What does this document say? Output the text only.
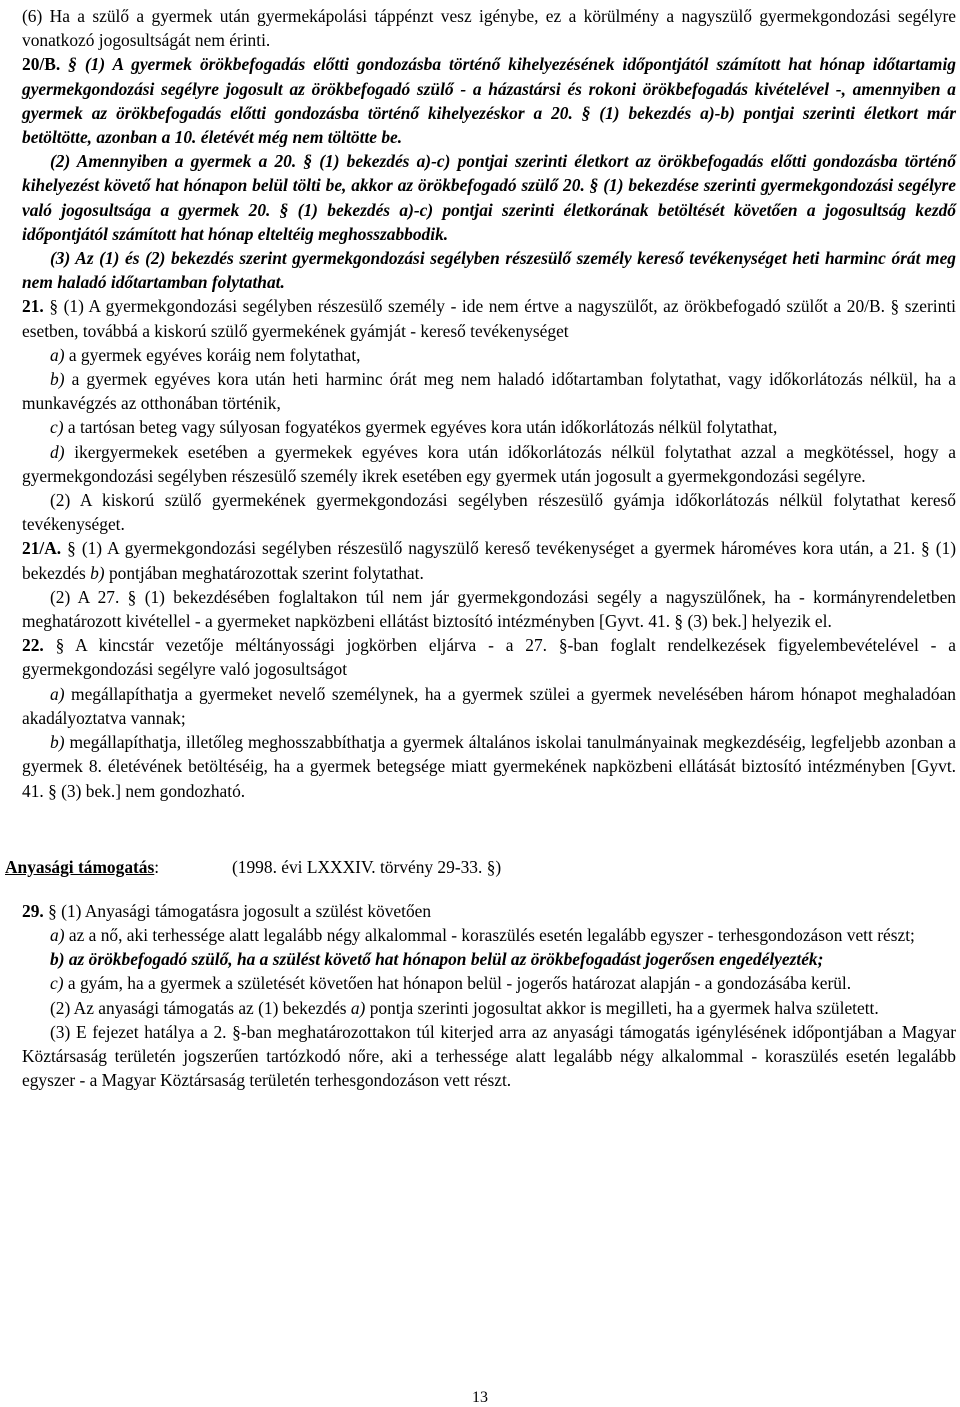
(6) Ha a szülő a gyermek után gyermekápolási táppénzt vesz igénybe, ez a körülmény a nagyszülő gyermekgondozási segélyre vonatkozó jogosultságát nem érinti.

20/B. § (1) A gyermek örökbefogadás előtti gondozásba történő kihelyezésének időpontjától számított hat hónap időtartamig gyermekgondozási segélyre jogosult az örökbefogadó szülő - a házastársi és rokoni örökbefogadás kivételével -, amennyiben a gyermek az örökbefogadás előtti gondozásba történő kihelyezéskor a 20. § (1) bekezdés a)-b) pontjai szerinti életkort már betöltötte, azonban a 10. életévét még nem töltötte be.

(2) Amennyiben a gyermek a 20. § (1) bekezdés a)-c) pontjai szerinti életkort az örökbefogadás előtti gondozásba történő kihelyezést követő hat hónapon belül tölti be, akkor az örökbefogadó szülő 20. § (1) bekezdése szerinti gyermekgondozási segélyre való jogosultsága a gyermek 20. § (1) bekezdés a)-c) pontjai szerinti életkorának betöltését követően a jogosultság kezdő időpontjától számított hat hónap elteltéig meghosszabbodik.

(3) Az (1) és (2) bekezdés szerint gyermekgondozási segélyben részesülő személy kereső tevékenységet heti harminc órát meg nem haladó időtartamban folytathat.

21. § (1) A gyermekgondozási segélyben részesülő személy - ide nem értve a nagyszülőt, az örökbefogadó szülőt a 20/B. § szerinti esetben, továbbá a kiskorú szülő gyermekének gyámját - kereső tevékenységet

a) a gyermek egyéves koráig nem folytathat,

b) a gyermek egyéves kora után heti harminc órát meg nem haladó időtartamban folytathat, vagy időkorlátozás nélkül, ha a munkavégzés az otthonában történik,

c) a tartósan beteg vagy súlyosan fogyatékos gyermek egyéves kora után időkorlátozás nélkül folytathat,

d) ikergyermekek esetében a gyermekek egyéves kora után időkorlátozás nélkül folytathat azzal a megkötéssel, hogy a gyermekgondozási segélyben részesülő személy ikrek esetében egy gyermek után jogosult a gyermekgondozási segélyre.

(2) A kiskorú szülő gyermekének gyermekgondozási segélyben részesülő gyámja időkorlátozás nélkül folytathat kereső tevékenységet.

21/A. § (1) A gyermekgondozási segélyben részesülő nagyszülő kereső tevékenységet a gyermek hároméves kora után, a 21. § (1) bekezdés b) pontjában meghatározottak szerint folytathat.

(2) A 27. § (1) bekezdésében foglaltakon túl nem jár gyermekgondozási segély a nagyszülőnek, ha - kormányrendeletben meghatározott kivétellel - a gyermeket napközbeni ellátást biztosító intézményben [Gyvt. 41. § (3) bek.] helyezik el.

22. § A kincstár vezetője méltányossági jogkörben eljárva - a 27. §-ban foglalt rendelkezések figyelembevételével - a gyermekgondozási segélyre való jogosultságot

a) megállapíthatja a gyermeket nevelő személynek, ha a gyermek szülei a gyermek nevelésében három hónapot meghaladóan akadályoztatva vannak;

b) megállapíthatja, illetőleg meghosszabbíthatja a gyermek általános iskolai tanulmányainak megkezdéséig, legfeljebb azonban a gyermek 8. életévének betöltéséig, ha a gyermek betegsége miatt gyermekének napközbeni ellátását biztosító intézményben [Gyvt. 41. § (3) bek.] nem gondozható.

Anyasági támogatás:	(1998. évi LXXXIV. törvény 29-33. §)

29. § (1) Anyasági támogatásra jogosult a szülést követően

a) az a nő, aki terhessége alatt legalább négy alkalommal - koraszülés esetén legalább egyszer - terhesgondozáson vett részt;

b) az örökbefogadó szülő, ha a szülést követő hat hónapon belül az örökbefogadást jogerősen engedélyezték;

c) a gyám, ha a gyermek a születését követően hat hónapon belül - jogerős határozat alapján - a gondozásába kerül.

(2) Az anyasági támogatás az (1) bekezdés a) pontja szerinti jogosultat akkor is megilleti, ha a gyermek halva született.

(3) E fejezet hatálya a 2. §-ban meghatározottakon túl kiterjed arra az anyasági támogatás igénylésének időpontjában a Magyar Köztársaság területén jogszerűen tartózkodó nőre, aki a terhessége alatt legalább négy alkalommal - koraszülés esetén legalább egyszer - a Magyar Köztársaság területén terhesgondozáson vett részt.

13
